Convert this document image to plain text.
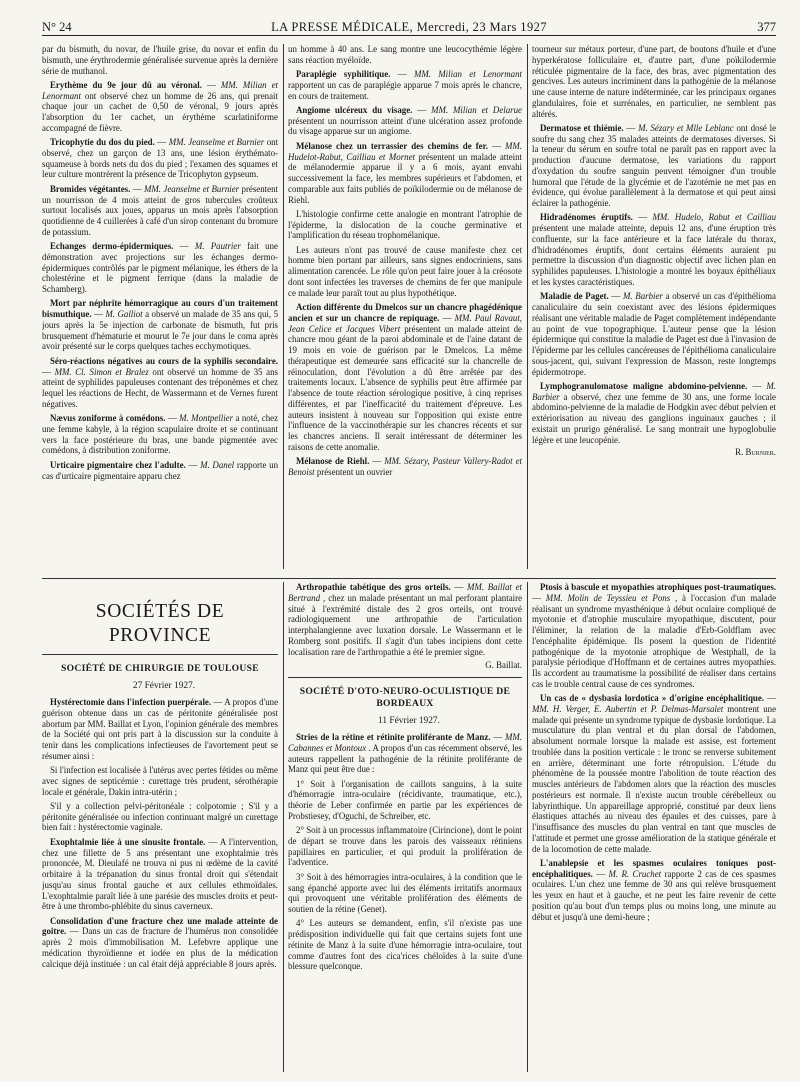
N° 24	LA PRESSE MÉDICALE, Mercredi, 23 Mars 1927	377

par du bismuth, du novar, de l'huile grise, du novar et enfin du bismuth, une érythrodermie généralisée survenue après la dernière série de muthanol.

Erythème du 9e jour dû au véronal. — MM. Milian et Lenormant ont observé chez un homme de 26 ans, qui prenait chaque jour un cachet de 0,50 de véronal, 9 jours après l'absorption du 1er cachet, un érythème scarlatiniforme accompagné de fièvre.

Tricophytie du dos du pied. — MM. Jeanselme et Burnier ont observé, chez un garçon de 13 ans, une lésion érythémato-squameuse à bords nets du dos du pied ; l'examen des squames et leur culture montrèrent la présence de Tricophyton gypseum.

Bromides végétantes. — MM. Jeanselme et Burnier présentent un nourrisson de 4 mois atteint de gros tubercules croûteux surtout localisés aux joues, apparus un mois après l'absorption quotidienne de 4 cuillerées à café d'un sirop contenant du bromure de potassium.

Echanges dermo-épidermiques. — M. Pautrier fait une démonstration avec projections sur les échanges dermo-épidermiques contrôlés par le pigment mélanique, les éthers de la cholestérine et le pigment ferrique (dans la maladie de Schamberg).

Mort par néphrite hémorragique au cours d'un traitement bismuthique. — M. Galliot a observé un malade de 35 ans qui, 5 jours après la 5e injection de carbonate de bismuth, fut pris brusquement d'hématurie et mourut le 7e jour dans le coma après avoir présenté sur le corps quelques taches ecchymotiques.

Séro-réactions négatives au cours de la syphilis secondaire. — MM. Cl. Simon et Bralez ont observé un homme de 35 ans atteint de syphilides papuleuses contenant des tréponèmes et chez lequel les réactions de Hecht, de Wassermann et de Vernes furent négatives.

Nævus zoniforme à comédons. — M. Montpellier a noté, chez une femme kabyle, à la région scapulaire droite et se continuant vers la face postérieure du bras, une bande pigmentée avec comédons, à distribution zoniforme.

Urticaire pigmentaire chez l'adulte. — M. Danel rapporte un cas d'urticaire pigmentaire apparu chez

un homme à 40 ans. Le sang montre une leucocythémie légère sans réaction myéloïde.

Paraplégie syphilitique. — MM. Milian et Lenormant rapportent un cas de paraplégie apparue 7 mois après le chancre, en cours de traitement.

Angiome ulcéreux du visage. — MM. Milian et Delarue présentent un nourrisson atteint d'une ulcération assez profonde du visage apparue sur un angiome.

Mélanose chez un terrassier des chemins de fer. — MM. Hudelot-Rabut, Cailliau et Mornet présentent un malade atteint de mélanodermie apparue il y a 6 mois, ayant envahi successivement la face, les membres supérieurs et l'abdomen, et comparable aux faits publiés de poïkilodermie ou de mélanose de Riehl.

L'histologie confirme cette analogie en montrant l'atrophie de l'épiderme, la dislocation de la couche germinative et l'amplification du réseau trophomélanique.

Les auteurs n'ont pas trouvé de cause manifeste chez cet homme bien portant par ailleurs, sans signes endocriniens, sans alimentation carencée. Le rôle qu'on peut faire jouer à la créosote dont sont infectées les traverses de chemins de fer que manipule ce malade leur paraît tout au plus hypothétique.

Action différente du Dmelcos sur un chancre phagédénique ancien et sur un chancre de repiquage. — MM. Paul Ravaut, Jean Celice et Jacques Vibert présentent un malade atteint de chancre mou géant de la paroi abdominale et de l'aine datant de 19 mois en voie de guérison par le Dmelcos. La même thérapeutique est demeurée sans efficacité sur la chancrelle de réinoculation, dont l'évolution a dû être arrêtée par des traitements locaux. L'absence de syphilis peut être affirmée par l'absence de toute réaction sérologique positive, à cinq reprises différentes, et par l'inefficacité du traitement d'épreuve. Les auteurs insistent à nouveau sur l'opposition qui existe entre l'influence de la vaccinothérapie sur les chancres récents et sur les chancres anciens. Il serait intéressant de déterminer les raisons de cette anomalie.

Mélanose de Riehl. — MM. Sézary, Pasteur Vallery-Radot et Benoist présentent un ouvrier

tourneur sur métaux porteur, d'une part, de boutons d'huile et d'une hyperkératose folliculaire et, d'autre part, d'une poïkilodermie réticulée pigmentaire de la face, des bras, avec pigmentation des gencives. Les auteurs incriminent dans la pathogénie de la mélanose une cause interne de nature indéterminée, car les principaux organes glandulaires, foie et surrénales, en particulier, ne semblent pas altérés.

Dermatose et thiémie. — M. Sézary et Mlle Leblanc ont dosé le soufre du sang chez 35 malades atteints de dermatoses diverses. Si la teneur du sérum en soufre total ne paraît pas en rapport avec la production d'aucune dermatose, les variations du rapport d'oxydation du soufre sanguin peuvent témoigner d'un trouble humoral que l'étude de la glycémie et de l'azotémie ne met pas en évidence, qui évolue parallèlement à la dermatose et qui peut ainsi éclairer la pathogénie.

Hidradénomes éruptifs. — MM. Hudelo, Rabut et Cailliau présentent une malade atteinte, depuis 12 ans, d'une éruption très confluente, sur la face antérieure et la face latérale du thorax, d'hidradénomes éruptifs, dont certains éléments auraient pu permettre la discussion d'un diagnostic objectif avec lichen plan en syphilides papuleuses. L'histologie a montré les boyaux épithéliaux et les kystes caractéristiques.

Maladie de Paget. — M. Barbier a observé un cas d'épithélioma canaliculaire du sein coexistant avec des lésions épidermiques réalisant une véritable maladie de Paget complètement indépendante au point de vue topographique. L'auteur pense que la lésion épidermique qui constitue la maladie de Paget est due à l'invasion de l'épiderme par les cellules cancéreuses de l'épithélioma canaliculaire sous-jacent, qui, suivant l'expression de Masson, reste longtemps épidermotrope.

Lymphogranulomatose maligne abdomino-pelvienne. — M. Barbier a observé, chez une femme de 30 ans, une forme locale abdomino-pelvienne de la maladie de Hodgkin avec début pelvien et extériorisation au niveau des ganglions inguinaux gauches ; il existait un prurigo généralisé. Le sang montrait une hypoglobulie légère et une leucopénie.

R. Burnier.

SOCIÉTÉS DE PROVINCE
SOCIÉTÉ DE CHIRURGIE DE TOULOUSE

27 Février 1927.

Hystérectomie dans l'infection puerpérale. — A propos d'une guérison obtenue dans un cas de péritonite généralisée post abortum par MM. Baillat et Lyon, l'opinion générale des membres de la Société qui ont pris part à la discussion sur la conduite à tenir dans les complications infectieuses de l'avortement peut se résumer ainsi :

Si l'infection est localisée à l'utérus avec pertes fétides ou même avec signes de septicémie : curettage très prudent, sérothérapie locale et générale, Dakin intra-utérin ;

S'il y a collection pelvi-péritonéale : colpotomie ; S'il y a péritonite généralisée ou infection continuant malgré un curettage bien fait : hystérectomie vaginale.

Exophtalmie liée à une sinusite frontale. — A l'intervention, chez une fillette de 5 ans présentant une exophtalmie très prononcée, M. Dieulafé ne trouva ni pus ni œdème de la cavité orbitaire à la trépanation du sinus frontal droit qui s'étendait jusqu'au sinus frontal gauche et aux cellules ethmoïdales. L'exophtalmie paraît liée à une parésie des muscles droits et peut-être à une thrombo-phlébite du sinus caverneux.

Consolidation d'une fracture chez une malade atteinte de goitre. — Dans un cas de fracture de l'humérus non consolidée après 2 mois d'immobilisation M. Lefebvre applique une médication thyroïdienne et iodée en plus de la médication calcique déjà instituée : un cal était déjà appréciable 8 jours après.

Arthropathie tabétique des gros orteils. — MM. Baillat et Bertrand , chez un malade présentant un mal perforant plantaire situé à l'extrémité distale des 2 gros orteils, ont trouvé radiologiquement une arthropathie de l'articulation interphalangienne avec luxation dorsale. Le Wassermann et le Romberg sont positifs. Il s'agit d'un tabes incipiens dont cette localisation rare de l'arthropathie a été le premier signe.

G. Baillat.

SOCIÉTÉ D'OTO-NEURO-OCULISTIQUE DE BORDEAUX

11 Février 1927.

Stries de la rétine et rétinite proliférante de Manz. — MM. Cabannes et Montoux . A propos d'un cas récemment observé, les auteurs rappellent la pathogénie de la rétinite proliférante de Manz qui peut être due :

1° Soit à l'organisation de caillots sanguins, à la suite d'hémorragie intra-oculaire (récidivante, traumatique, etc.), théorie de Leber confirmée en partie par les expériences de Probstiesey, d'Oguchi, de Schreiber, etc.

2° Soit à un processus inflammatoire (Cirincione), dont le point de départ se trouve dans les parois des vaisseaux rétiniens papillaires en particulier, et qui produit la prolifération de l'adventice.

3° Soit à des hémorragies intra-oculaires, à la condition que le sang épanché apporte avec lui des éléments irritatifs anormaux qui provoquent une véritable prolifération des éléments de soutien de la rétine (Genet).

4° Les auteurs se demandent, enfin, s'il n'existe pas une prédisposition individuelle qui fait que certains sujets font une rétinite de Manz à la suite d'une hémorragie intra-oculaire, tout comme d'autres font des cica'rices chéloïdes à la suite d'une blessure quelconque.

Ptosis à bascule et myopathies atrophiques post-traumatiques. — MM. Molin de Teyssieu et Pons , à l'occasion d'un malade réalisant un syndrome myasthénique à début oculaire compliqué de myotonie et d'atrophie musculaire myopathique, discutent, pour l'éliminer, la relation de la maladie d'Erb-Goldflam avec l'encéphalite épidémique. Ils posent la question de l'identité pathogénique de la myotonie atrophique de Westphall, de la paralysie périodique d'Hoffmann et de certaines autres myopathies. Ils accordent au traumatisme la possibilité de réaliser dans certains cas le trouble central cause de ces syndromes.

Un cas de « dysbasia lordotica » d'origine encéphalitique. — MM. H. Verger, E. Aubertin et P. Delmas-Marsalet montrent une malade qui présente un syndrome typique de dysbasie lordotique. La musculature du plan ventral et du plan dorsal de l'abdomen, absolument normale lorsque la malade est assise, est fortement troublée dans la position verticale : le tronc se renverse subitement en arrière, déterminant une forte rétropulsion. L'étude du phénomène de la poussée montre l'abolition de toute réaction des muscles antérieurs de l'abdomen alors que la réaction des muscles postérieurs est normale. Il n'existe aucun trouble cérébelleux ou labyrinthique. Un appareillage approprié, constitué par deux liens élastiques attachés au niveau des épaules et des cuisses, pare à l'insuffisance des muscles du plan ventral en tant que muscles de l'attitude et permet une grosse amélioration de la statique générale et de la locomotion de cette malade.

L'anablepsie et les spasmes oculaires toniques post-encéphalitiques. — M. R. Cruchet rapporte 2 cas de ces spasmes oculaires. L'un chez une femme de 30 ans qui relève brusquement les yeux en haut et à gauche, et ne peut les faire revenir de cette position qu'au bout d'un temps plus ou moins long, une minute au début et jusqu'à une demi-heure ;
